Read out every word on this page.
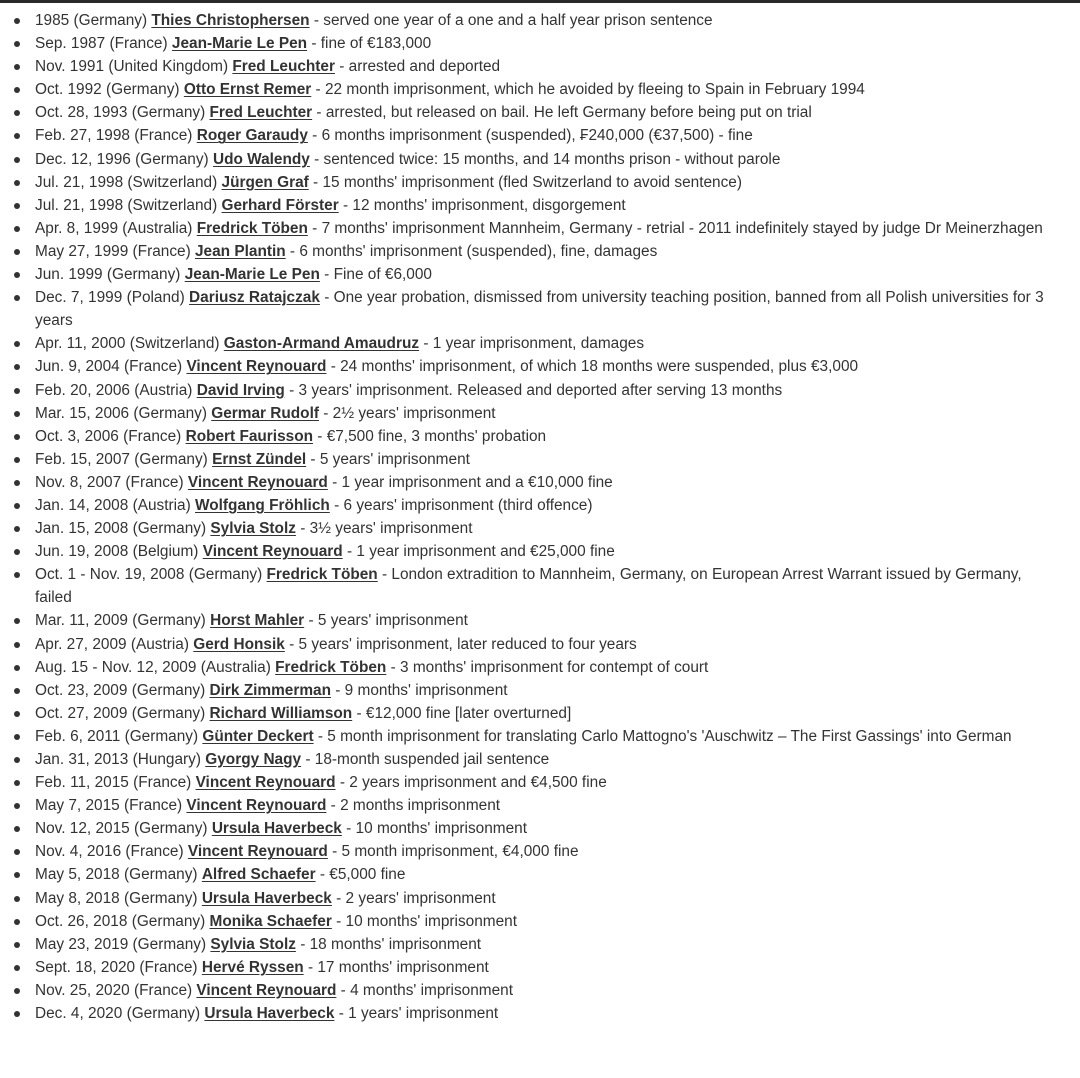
1985 (Germany) Thies Christophersen - served one year of a one and a half year prison sentence
Sep. 1987 (France) Jean-Marie Le Pen - fine of €183,000
Nov. 1991 (United Kingdom) Fred Leuchter - arrested and deported
Oct. 1992 (Germany) Otto Ernst Remer - 22 month imprisonment, which he avoided by fleeing to Spain in February 1994
Oct. 28, 1993 (Germany) Fred Leuchter - arrested, but released on bail. He left Germany before being put on trial
Feb. 27, 1998 (France) Roger Garaudy - 6 months imprisonment (suspended), ₣240,000 (€37,500) - fine
Dec. 12, 1996 (Germany) Udo Walendy - sentenced twice: 15 months, and 14 months prison - without parole
Jul. 21, 1998 (Switzerland) Jürgen Graf - 15 months' imprisonment (fled Switzerland to avoid sentence)
Jul. 21, 1998 (Switzerland) Gerhard Förster - 12 months' imprisonment, disgorgement
Apr. 8, 1999 (Australia) Fredrick Töben - 7 months' imprisonment Mannheim, Germany - retrial - 2011 indefinitely stayed by judge Dr Meinerzhagen
May 27, 1999 (France) Jean Plantin - 6 months' imprisonment (suspended), fine, damages
Jun. 1999 (Germany) Jean-Marie Le Pen - Fine of €6,000
Dec. 7, 1999 (Poland) Dariusz Ratajczak - One year probation, dismissed from university teaching position, banned from all Polish universities for 3 years
Apr. 11, 2000 (Switzerland) Gaston-Armand Amaudruz - 1 year imprisonment, damages
Jun. 9, 2004 (France) Vincent Reynouard - 24 months' imprisonment, of which 18 months were suspended, plus €3,000
Feb. 20, 2006 (Austria) David Irving - 3 years' imprisonment. Released and deported after serving 13 months
Mar. 15, 2006 (Germany) Germar Rudolf - 2½ years' imprisonment
Oct. 3, 2006 (France) Robert Faurisson - €7,500 fine, 3 months' probation
Feb. 15, 2007 (Germany) Ernst Zündel - 5 years' imprisonment
Nov. 8, 2007 (France) Vincent Reynouard - 1 year imprisonment and a €10,000 fine
Jan. 14, 2008 (Austria) Wolfgang Fröhlich - 6 years' imprisonment (third offence)
Jan. 15, 2008 (Germany) Sylvia Stolz - 3½ years' imprisonment
Jun. 19, 2008 (Belgium) Vincent Reynouard - 1 year imprisonment and €25,000 fine
Oct. 1 - Nov. 19, 2008 (Germany) Fredrick Töben - London extradition to Mannheim, Germany, on European Arrest Warrant issued by Germany, failed
Mar. 11, 2009 (Germany) Horst Mahler - 5 years' imprisonment
Apr. 27, 2009 (Austria) Gerd Honsik - 5 years' imprisonment, later reduced to four years
Aug. 15 - Nov. 12, 2009 (Australia) Fredrick Töben - 3 months' imprisonment for contempt of court
Oct. 23, 2009 (Germany) Dirk Zimmerman - 9 months' imprisonment
Oct. 27, 2009 (Germany) Richard Williamson - €12,000 fine [later overturned]
Feb. 6, 2011 (Germany) Günter Deckert - 5 month imprisonment for translating Carlo Mattogno's 'Auschwitz – The First Gassings' into German
Jan. 31, 2013 (Hungary) Gyorgy Nagy - 18-month suspended jail sentence
Feb. 11, 2015 (France) Vincent Reynouard - 2 years imprisonment and €4,500 fine
May 7, 2015 (France) Vincent Reynouard - 2 months imprisonment
Nov. 12, 2015 (Germany) Ursula Haverbeck - 10 months' imprisonment
Nov. 4, 2016 (France) Vincent Reynouard - 5 month imprisonment, €4,000 fine
May 5, 2018 (Germany) Alfred Schaefer - €5,000 fine
May 8, 2018 (Germany) Ursula Haverbeck - 2 years' imprisonment
Oct. 26, 2018 (Germany) Monika Schaefer - 10 months' imprisonment
May 23, 2019 (Germany) Sylvia Stolz - 18 months' imprisonment
Sept. 18, 2020 (France) Hervé Ryssen - 17 months' imprisonment
Nov. 25, 2020 (France) Vincent Reynouard - 4 months' imprisonment
Dec. 4, 2020 (Germany) Ursula Haverbeck - 1 years' imprisonment
